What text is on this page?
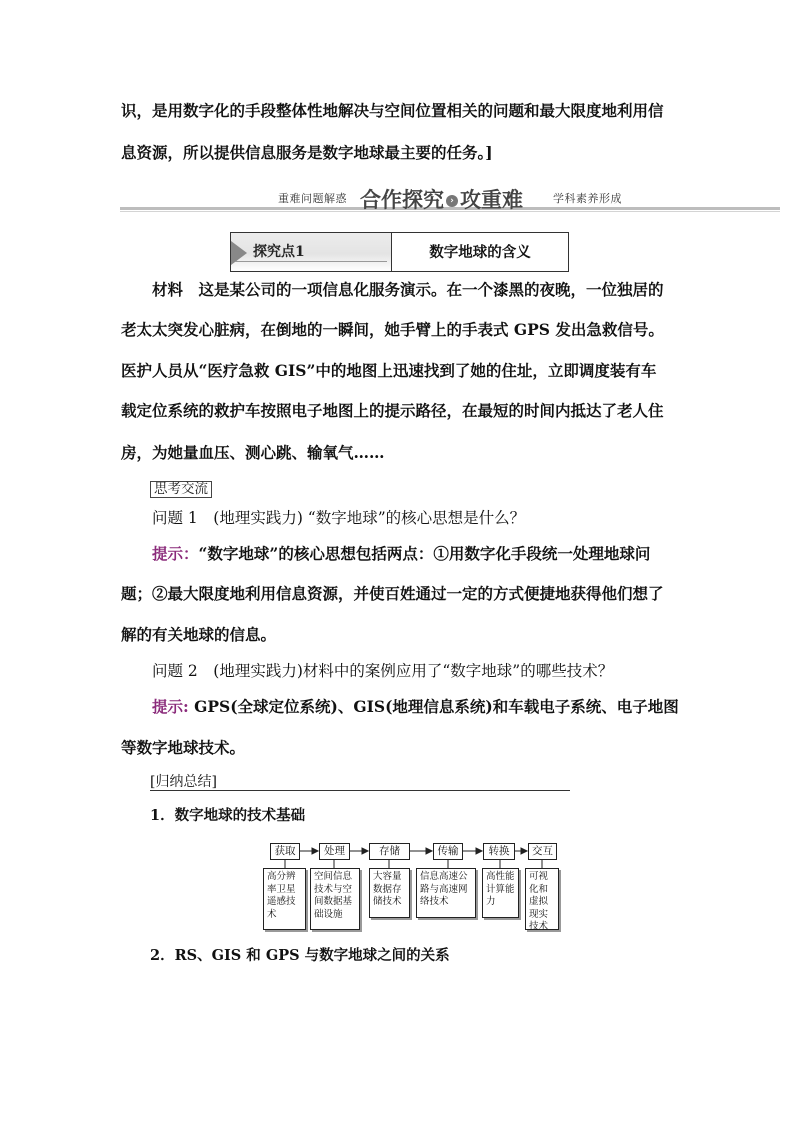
识，是用数字化的手段整体性地解决与空间位置相关的问题和最大限度地利用信
息资源，所以提供信息服务是数字地球最主要的任务。]
重难问题解惑 合作探究 › 攻重难	学科素养形成
探究点1	数字地球的含义
材料　这是某公司的一项信息化服务演示。在一个漆黑的夜晚，一位独居的
老太太突发心脏病，在倒地的一瞬间，她手臂上的手表式 GPS 发出急救信号。
医护人员从“医疗急救 GIS”中的地图上迅速找到了她的住址，立即调度装有车
载定位系统的救护车按照电子地图上的提示路径，在最短的时间内抵达了老人住
房，为她量血压、测心跳、输氧气……
思考交流
问题 1　(地理实践力) “数字地球”的核心思想是什么？
提示：“数字地球”的核心思想包括两点：①用数字化手段统一处理地球问
题；②最大限度地利用信息资源，并使百姓通过一定的方式便捷地获得他们想了
解的有关地球的信息。
问题 2　(地理实践力)材料中的案例应用了“数字地球”的哪些技术？
提示: GPS(全球定位系统)、GIS(地理信息系统)和车载电子系统、电子地图
等数字地球技术。
[归纳总结]
1．数字地球的技术基础
获取	处理	存储	传输	转换	交互
高分辨率卫星遥感技术
空间信息技术与空间数据基础设施
大容量数据存储技术
信息高速公路与高速网络技术
高性能计算能力
可视化和虚拟现实技术
2．RS、GIS 和 GPS 与数字地球之间的关系
